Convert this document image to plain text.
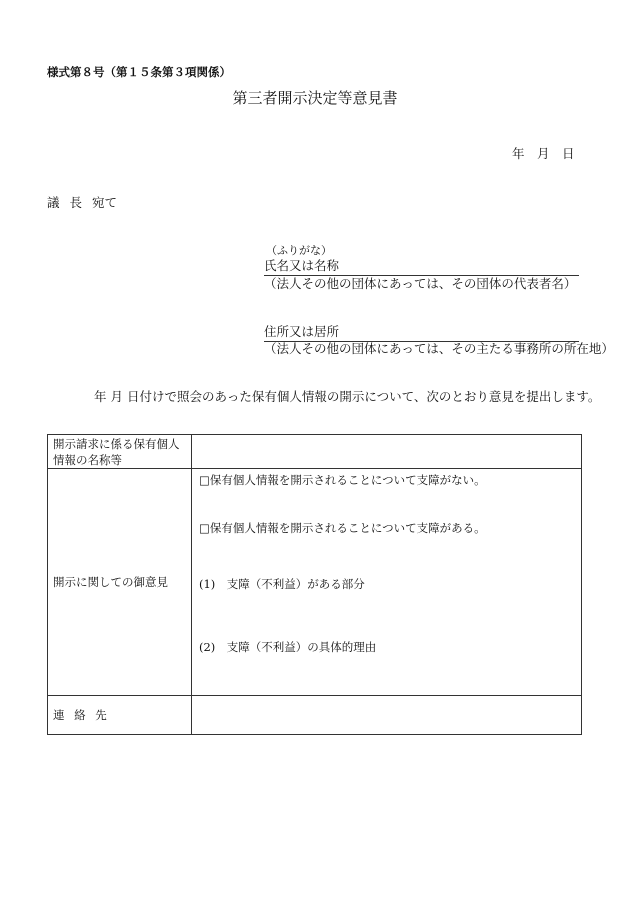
様式第８号（第１５条第３項関係）
第三者開示決定等意見書
年　月　日
議 長 宛て
（ふりがな）
氏名又は名称
（法人その他の団体にあっては、その団体の代表者名）
住所又は居所
（法人その他の団体にあっては、その主たる事務所の所在地）
年 月 日付けで照会のあった保有個人情報の開示について、次のとおり意見を提出します。
開示請求に係る保有個人情報の名称等	
開示に関しての御意見	□保有個人情報を開示されることについて支障がない。
□保有個人情報を開示されることについて支障がある。
(1)　支障（不利益）がある部分
(2)　支障（不利益）の具体的理由

連 絡 先	
